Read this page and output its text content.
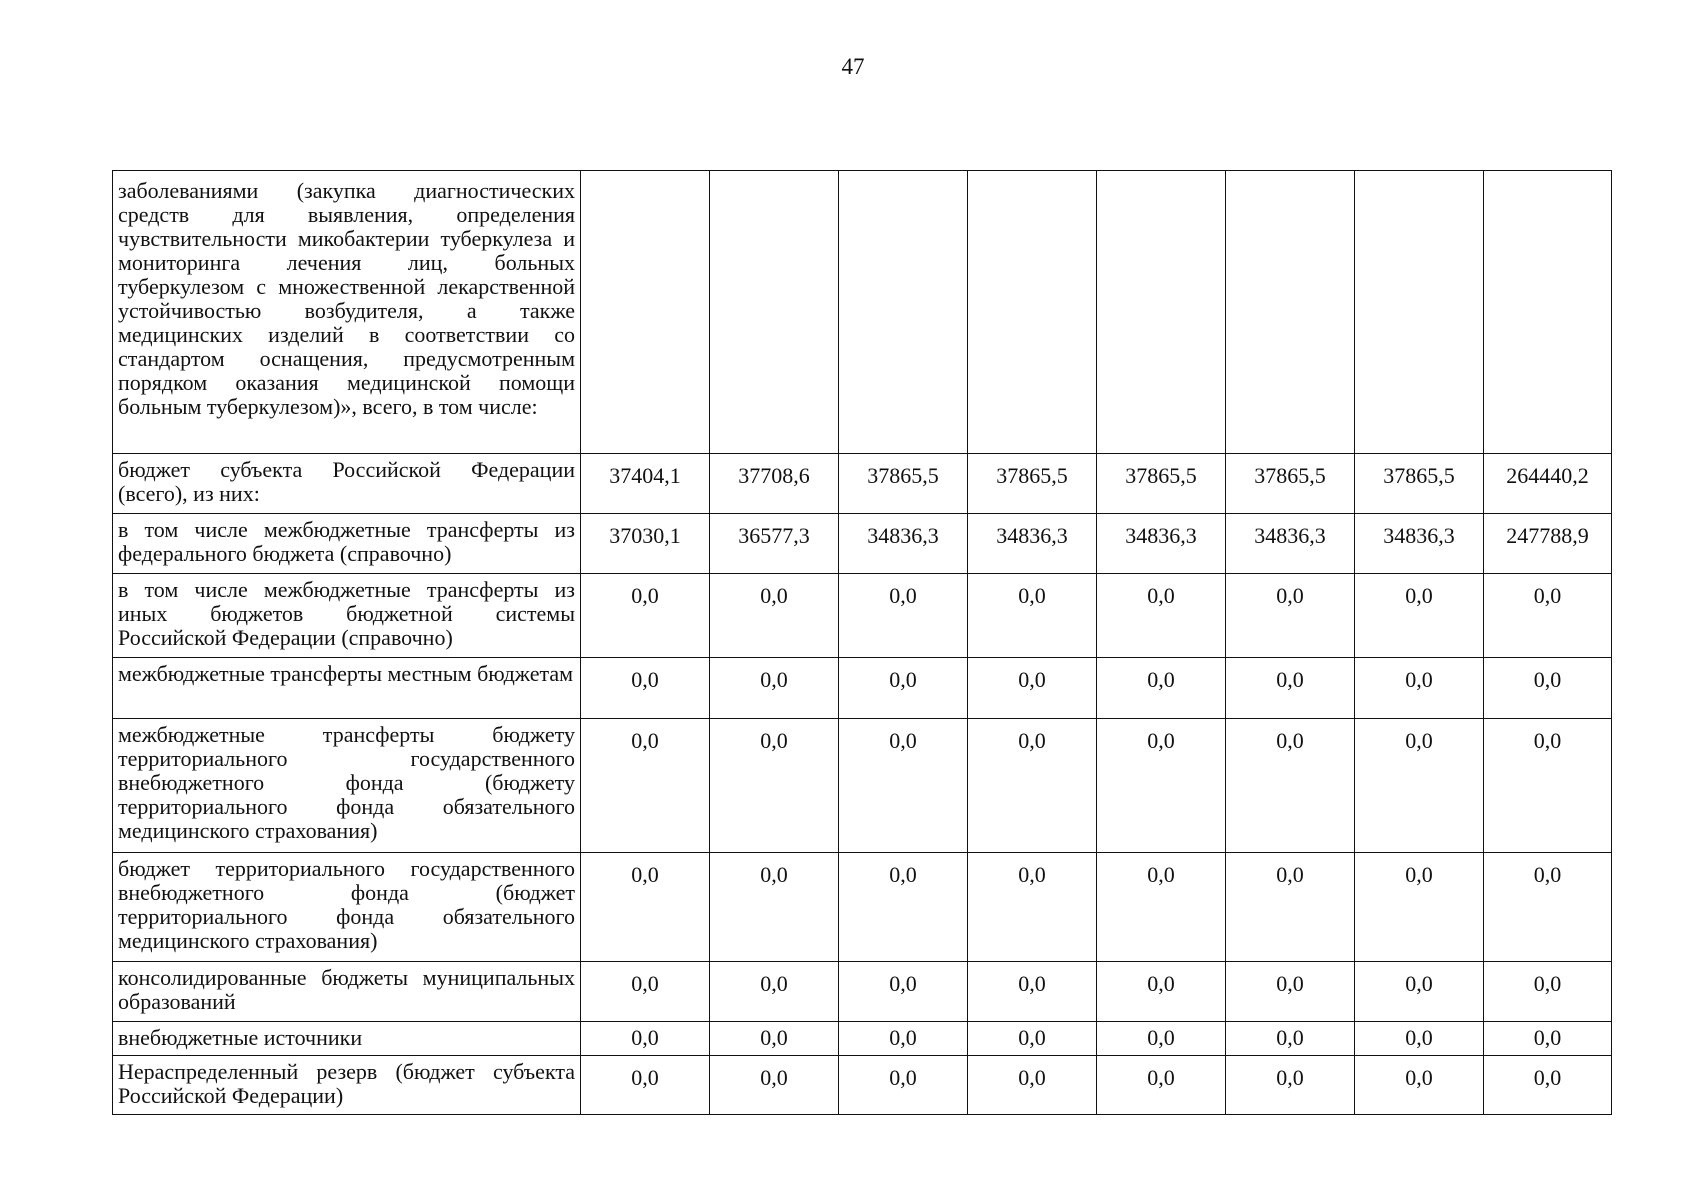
47
заболеваниями (закупка диагностических средств для выявления, определения чувствительности микобактерии туберкулеза и мониторинга лечения лиц, больных туберкулезом с множественной лекарственной устойчивостью возбудителя, а также медицинских изделий в соответствии со стандартом оснащения, предусмотренным порядком оказания медицинской помощи больным туберкулезом)», всего, в том числе:								
бюджет субъекта Российской Федерации (всего), из них:	37404,1	37708,6	37865,5	37865,5	37865,5	37865,5	37865,5	264440,2
в том числе межбюджетные трансферты из федерального бюджета (справочно)	37030,1	36577,3	34836,3	34836,3	34836,3	34836,3	34836,3	247788,9
в том числе межбюджетные трансферты из иных бюджетов бюджетной системы Российской Федерации (справочно)	0,0	0,0	0,0	0,0	0,0	0,0	0,0	0,0
межбюджетные трансферты местным бюджетам	0,0	0,0	0,0	0,0	0,0	0,0	0,0	0,0
межбюджетные трансферты бюджету территориального государственного внебюджетного фонда (бюджету территориального фонда обязательного медицинского страхования)	0,0	0,0	0,0	0,0	0,0	0,0	0,0	0,0
бюджет территориального государственного внебюджетного фонда (бюджет территориального фонда обязательного медицинского страхования)	0,0	0,0	0,0	0,0	0,0	0,0	0,0	0,0
консолидированные бюджеты муниципальных образований	0,0	0,0	0,0	0,0	0,0	0,0	0,0	0,0
внебюджетные источники	0,0	0,0	0,0	0,0	0,0	0,0	0,0	0,0
Нераспределенный резерв (бюджет субъекта Российской Федерации)	0,0	0,0	0,0	0,0	0,0	0,0	0,0	0,0
